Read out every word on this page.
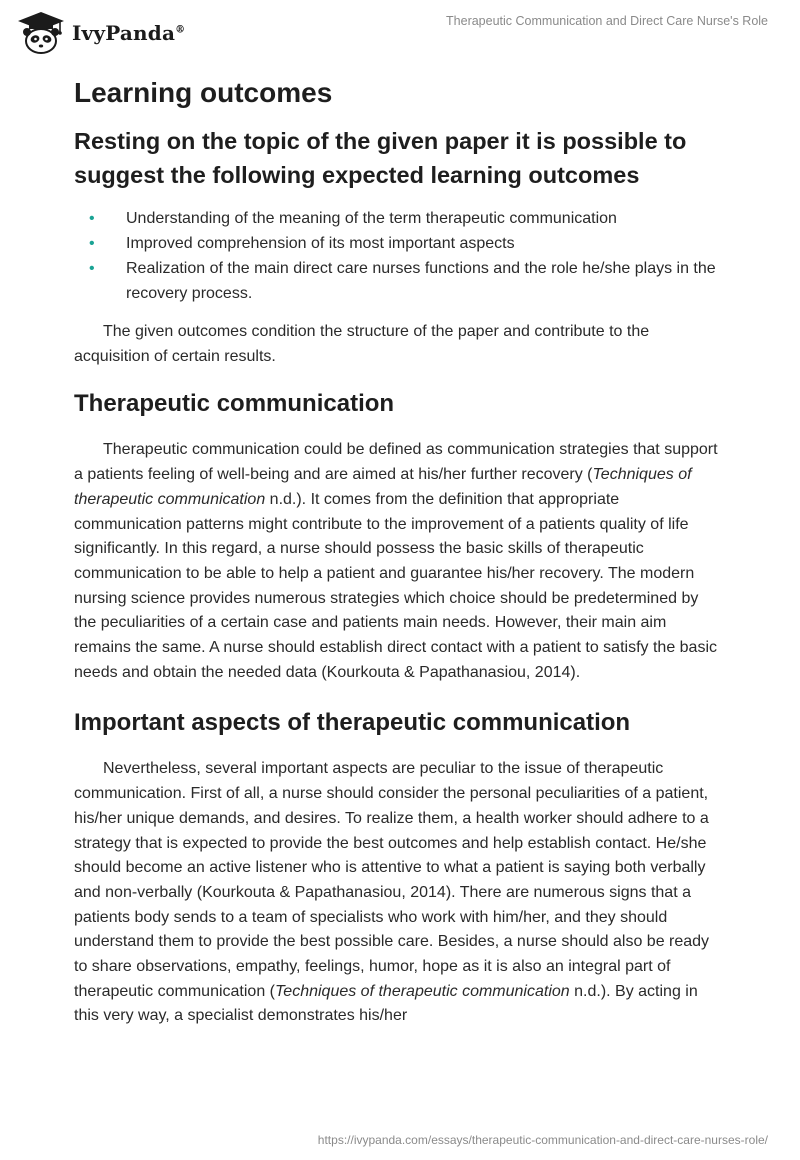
IvyPanda®
Therapeutic Communication and Direct Care Nurse's Role
Learning outcomes
Resting on the topic of the given paper it is possible to suggest the following expected learning outcomes
• Understanding of the meaning of the term therapeutic communication
• Improved comprehension of its most important aspects
• Realization of the main direct care nurses functions and the role he/she plays in the recovery process.

The given outcomes condition the structure of the paper and contribute to the acquisition of certain results.

Therapeutic communication

Therapeutic communication could be defined as communication strategies that support a patients feeling of well-being and are aimed at his/her further recovery (Techniques of therapeutic communication n.d.). It comes from the definition that appropriate communication patterns might contribute to the improvement of a patients quality of life significantly. In this regard, a nurse should possess the basic skills of therapeutic communication to be able to help a patient and guarantee his/her recovery. The modern nursing science provides numerous strategies which choice should be predetermined by the peculiarities of a certain case and patients main needs. However, their main aim remains the same. A nurse should establish direct contact with a patient to satisfy the basic needs and obtain the needed data (Kourkouta & Papathanasiou, 2014).

Important aspects of therapeutic communication

Nevertheless, several important aspects are peculiar to the issue of therapeutic communication. First of all, a nurse should consider the personal peculiarities of a patient, his/her unique demands, and desires. To realize them, a health worker should adhere to a strategy that is expected to provide the best outcomes and help establish contact. He/she should become an active listener who is attentive to what a patient is saying both verbally and non-verbally (Kourkouta & Papathanasiou, 2014). There are numerous signs that a patients body sends to a team of specialists who work with him/her, and they should understand them to provide the best possible care. Besides, a nurse should also be ready to share observations, empathy, feelings, humor, hope as it is also an integral part of therapeutic communication (Techniques of therapeutic communication n.d.). By acting in this very way, a specialist demonstrates his/her

https://ivypanda.com/essays/therapeutic-communication-and-direct-care-nurses-role/
